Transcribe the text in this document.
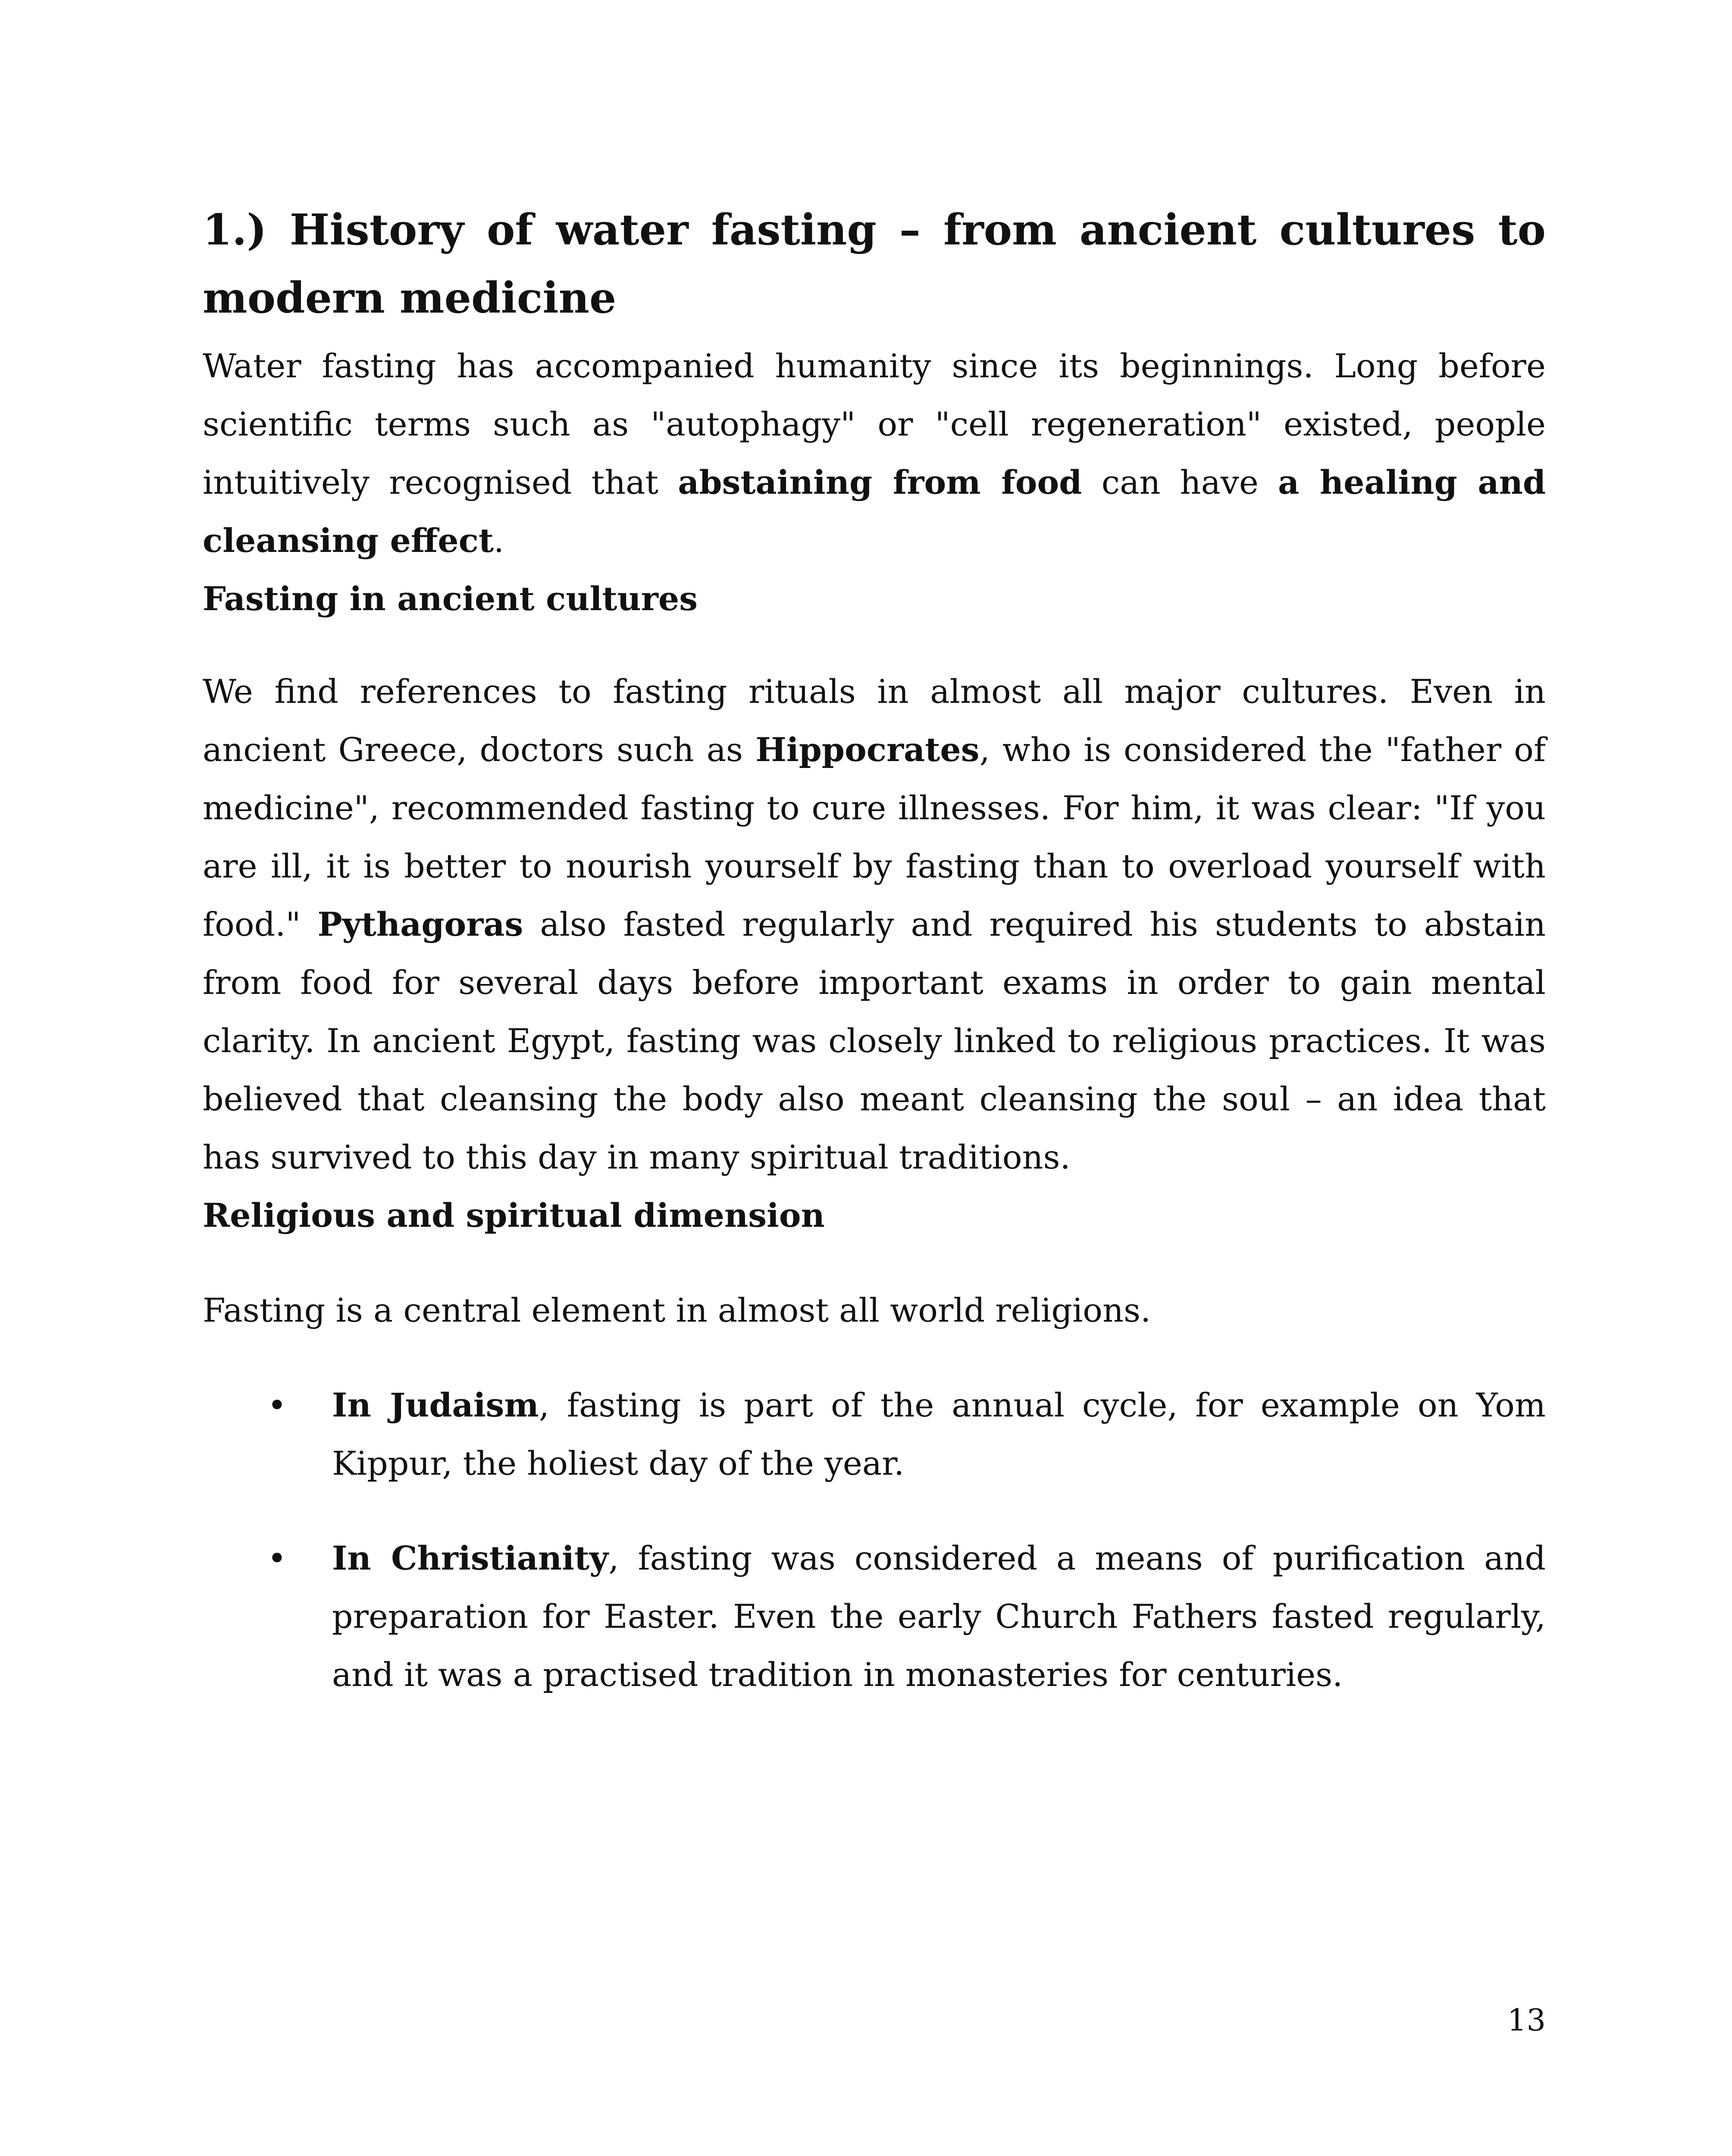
1.) History of water fasting – from ancient cultures to modern medicine

Water fasting has accompanied humanity since its beginnings. Long before scientific terms such as "autophagy" or "cell regeneration" existed, people intuitively recognised that abstaining from food can have a healing and cleansing effect.

Fasting in ancient cultures

We find references to fasting rituals in almost all major cultures. Even in ancient Greece, doctors such as Hippocrates, who is considered the "father of medicine", recommended fasting to cure illnesses. For him, it was clear: "If you are ill, it is better to nourish yourself by fasting than to overload yourself with food." Pythagoras also fasted regularly and required his students to abstain from food for several days before important exams in order to gain mental clarity. In ancient Egypt, fasting was closely linked to religious practices. It was believed that cleansing the body also meant cleansing the soul – an idea that has survived to this day in many spiritual traditions.

Religious and spiritual dimension

Fasting is a central element in almost all world religions.

• In Judaism, fasting is part of the annual cycle, for example on Yom Kippur, the holiest day of the year.

• In Christianity, fasting was considered a means of purification and preparation for Easter. Even the early Church Fathers fasted regularly, and it was a practised tradition in monasteries for centuries.

13
